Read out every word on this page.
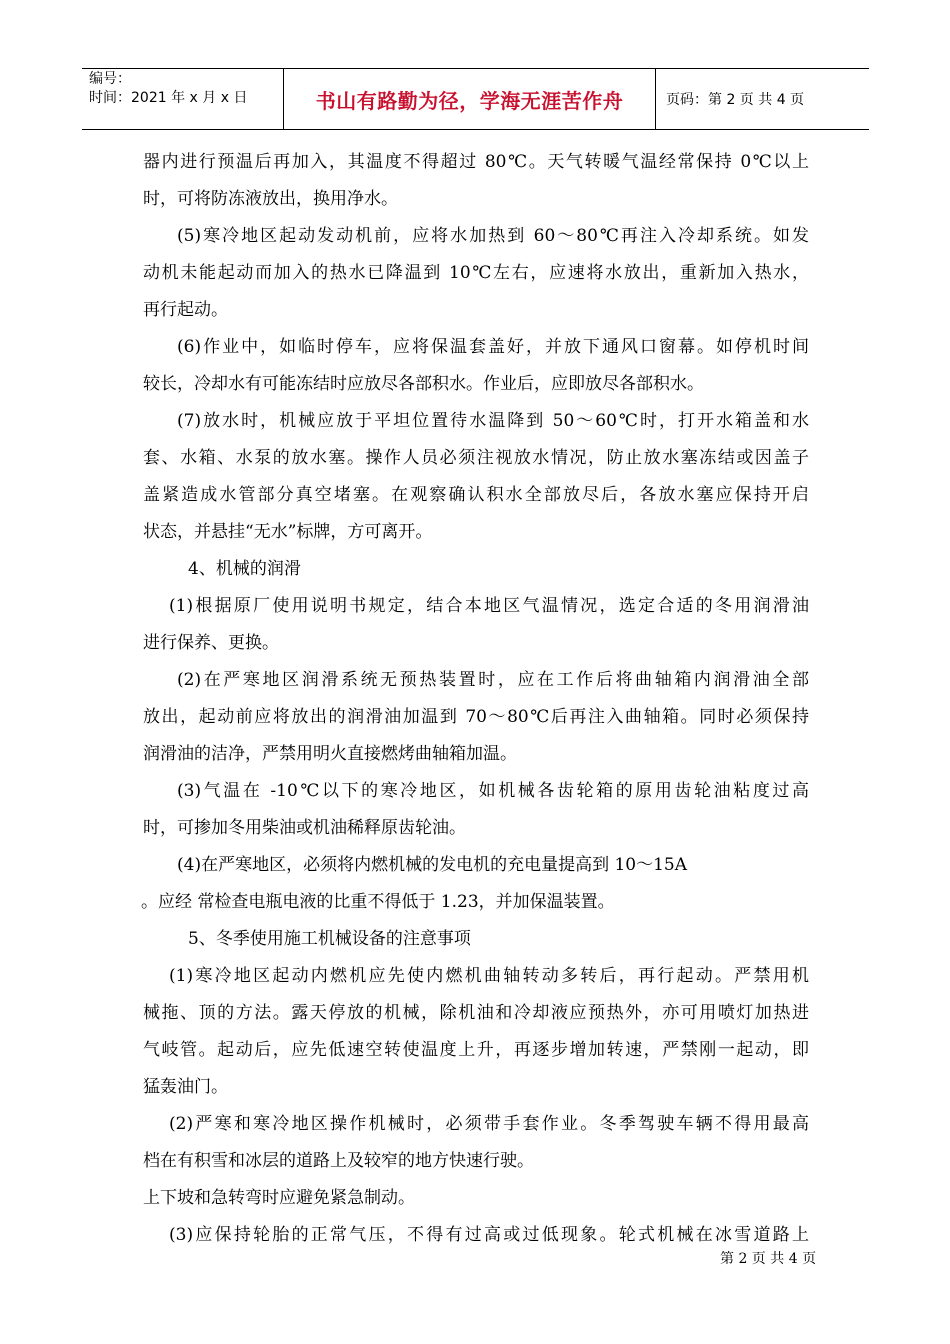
编号：
时间：2021 年 x 月 x 日	书山有路勤为径，学海无涯苦作舟	页码：第 2 页 共 4 页
器内进行预温后再加入，其温度不得超过 80℃。天气转暖气温经常保持 0℃以上
时，可将防冻液放出，换用净水。
(5)寒冷地区起动发动机前，应将水加热到 60～80℃再注入冷却系统。如发
动机未能起动而加入的热水已降温到 10℃左右，应速将水放出，重新加入热水，
再行起动。
(6)作业中，如临时停车，应将保温套盖好，并放下通风口窗幕。如停机时间
较长，冷却水有可能冻结时应放尽各部积水。作业后，应即放尽各部积水。
(7)放水时，机械应放于平坦位置待水温降到 50～60℃时，打开水箱盖和水
套、水箱、水泵的放水塞。操作人员必须注视放水情况，防止放水塞冻结或因盖子
盖紧造成水管部分真空堵塞。在观察确认积水全部放尽后，各放水塞应保持开启
状态，并悬挂“无水”标牌，方可离开。
4、机械的润滑
(1)根据原厂使用说明书规定，结合本地区气温情况，选定合适的冬用润滑油
进行保养、更换。
(2)在严寒地区润滑系统无预热装置时，应在工作后将曲轴箱内润滑油全部
放出，起动前应将放出的润滑油加温到 70～80℃后再注入曲轴箱。同时必须保持
润滑油的洁净，严禁用明火直接燃烤曲轴箱加温。
(3)气温在 -10℃以下的寒冷地区，如机械各齿轮箱的原用齿轮油粘度过高
时，可掺加冬用柴油或机油稀释原齿轮油。
(4)在严寒地区，必须将内燃机械的发电机的充电量提高到 10～15A
。应经 常检查电瓶电液的比重不得低于 1.23，并加保温装置。
5、冬季使用施工机械设备的注意事项
(1)寒冷地区起动内燃机应先使内燃机曲轴转动多转后，再行起动。严禁用机
械拖、顶的方法。露天停放的机械，除机油和冷却液应预热外，亦可用喷灯加热进
气岐管。起动后，应先低速空转使温度上升，再逐步增加转速，严禁刚一起动，即
猛轰油门。
(2)严寒和寒冷地区操作机械时，必须带手套作业。冬季驾驶车辆不得用最高
档在有积雪和冰层的道路上及较窄的地方快速行驶。
上下坡和急转弯时应避免紧急制动。
(3)应保持轮胎的正常气压，不得有过高或过低现象。轮式机械在冰雪道路上
第 2 页 共 4 页
